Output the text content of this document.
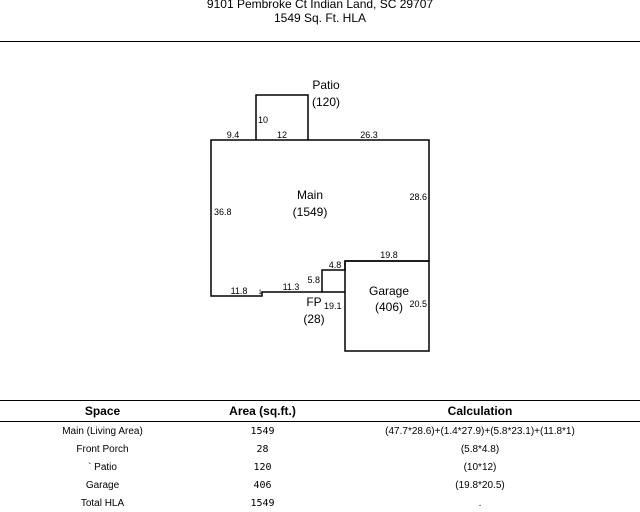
9101 Pembroke Ct Indian Land, SC 29707
1549 Sq. Ft. HLA
Patio
(120)
Main
(1549)
Garage
(406)
FP
(28)
10
12
9.4	26.3
36.8
28.6
19.8
4.8
5.8
11.8 1
11.3
19.1	20.5
Space	Area (sq.ft.)	Calculation
Main (Living Area)	1549	(47.7*28.6)+(1.4*27.9)+(5.8*23.1)+(11.8*1)
Front Porch	28	(5.8*4.8)
` Patio	120	(10*12)
Garage	406	(19.8*20.5)
Total HLA	1549	.
